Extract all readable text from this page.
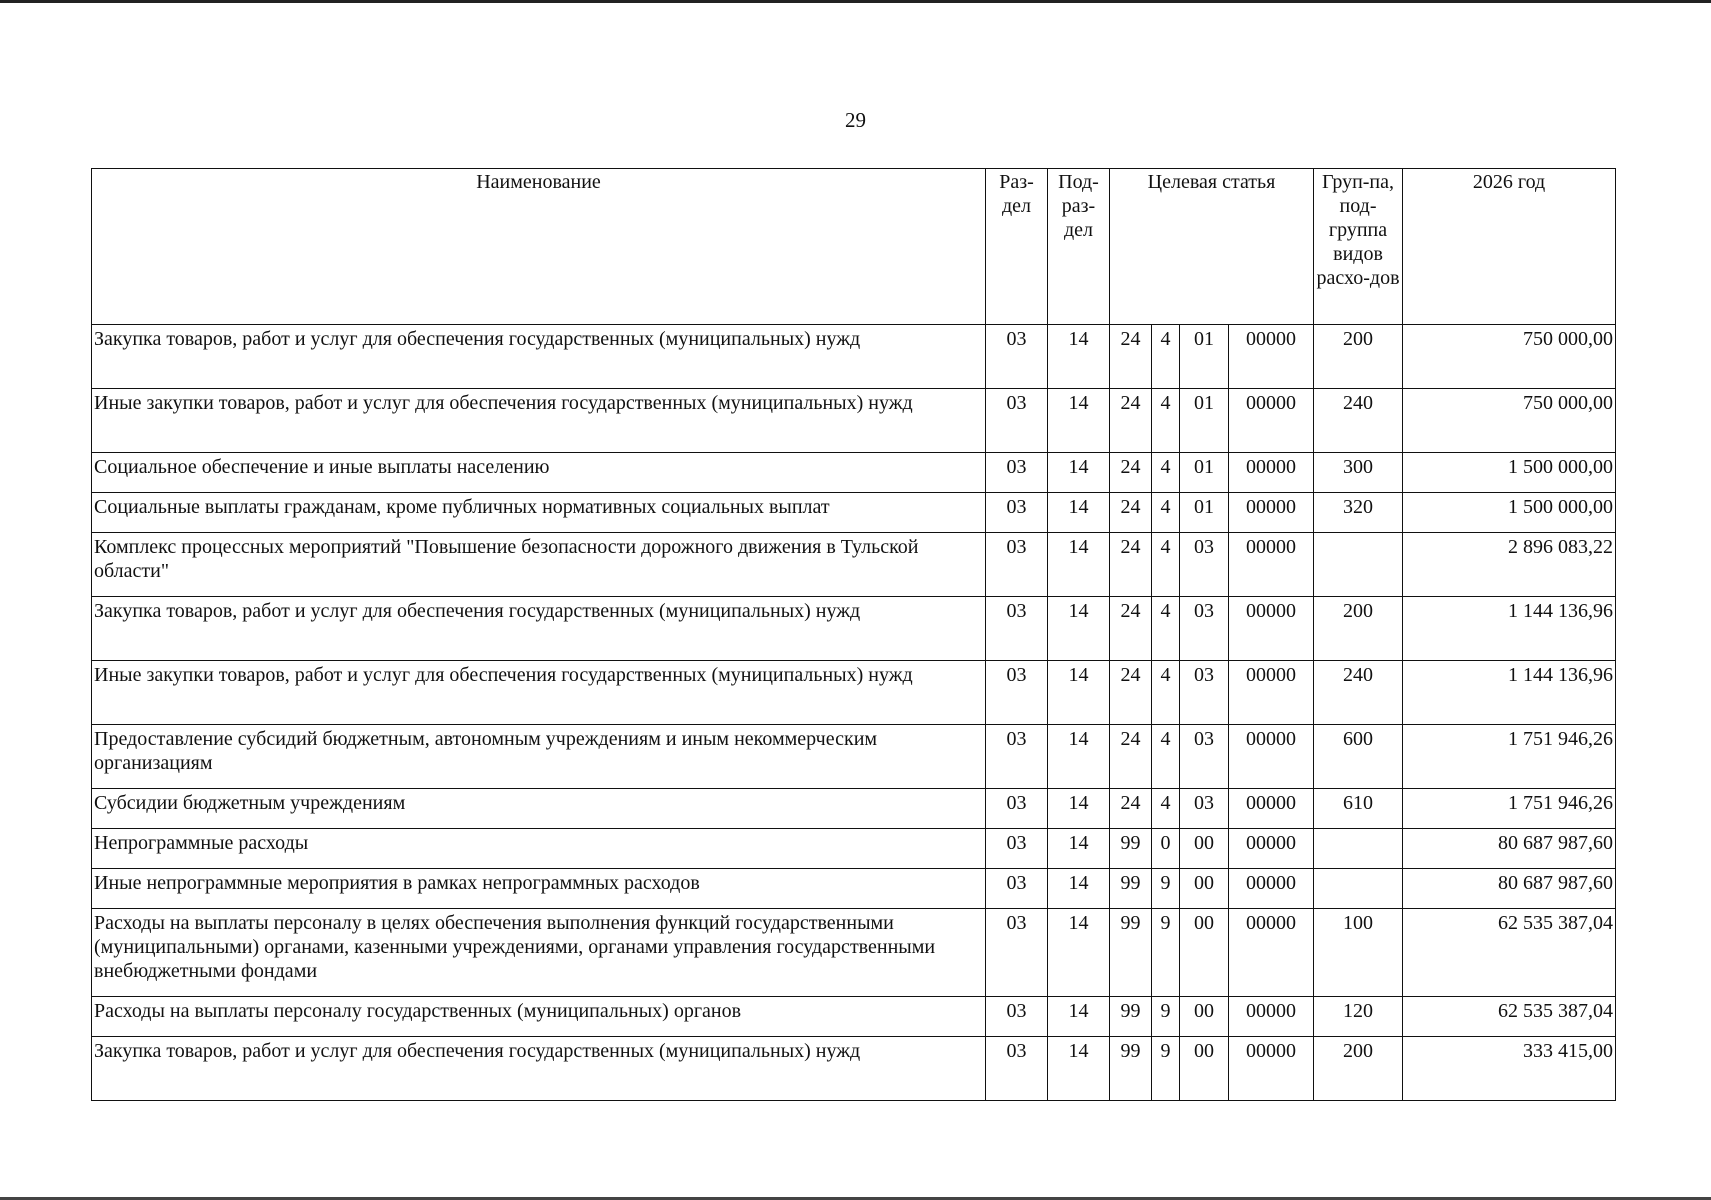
29
Наименование	Раз-дел	Под-раз-дел	Целевая статья				Груп-па, под-группа видов расхо-дов	2026 год
Закупка товаров, работ и услуг для обеспечения государственных (муниципальных) нужд	03	14	24	4	01	00000	200	750 000,00
Иные закупки товаров, работ и услуг для обеспечения государственных (муниципальных) нужд	03	14	24	4	01	00000	240	750 000,00
Социальное обеспечение и иные выплаты населению	03	14	24	4	01	00000	300	1 500 000,00
Социальные выплаты гражданам, кроме публичных нормативных социальных выплат	03	14	24	4	01	00000	320	1 500 000,00
Комплекс процессных мероприятий "Повышение безопасности дорожного движения в Тульской области"	03	14	24	4	03	00000		2 896 083,22
Закупка товаров, работ и услуг для обеспечения государственных (муниципальных) нужд	03	14	24	4	03	00000	200	1 144 136,96
Иные закупки товаров, работ и услуг для обеспечения государственных (муниципальных) нужд	03	14	24	4	03	00000	240	1 144 136,96
Предоставление субсидий бюджетным, автономным учреждениям и иным некоммерческим организациям	03	14	24	4	03	00000	600	1 751 946,26
Субсидии бюджетным учреждениям	03	14	24	4	03	00000	610	1 751 946,26
Непрограммные расходы	03	14	99	0	00	00000		80 687 987,60
Иные непрограммные мероприятия в рамках непрограммных расходов	03	14	99	9	00	00000		80 687 987,60
Расходы на выплаты персоналу в целях обеспечения выполнения функций государственными (муниципальными) органами, казенными учреждениями, органами управления государственными внебюджетными фондами	03	14	99	9	00	00000	100	62 535 387,04
Расходы на выплаты персоналу государственных (муниципальных) органов	03	14	99	9	00	00000	120	62 535 387,04
Закупка товаров, работ и услуг для обеспечения государственных (муниципальных) нужд	03	14	99	9	00	00000	200	333 415,00
